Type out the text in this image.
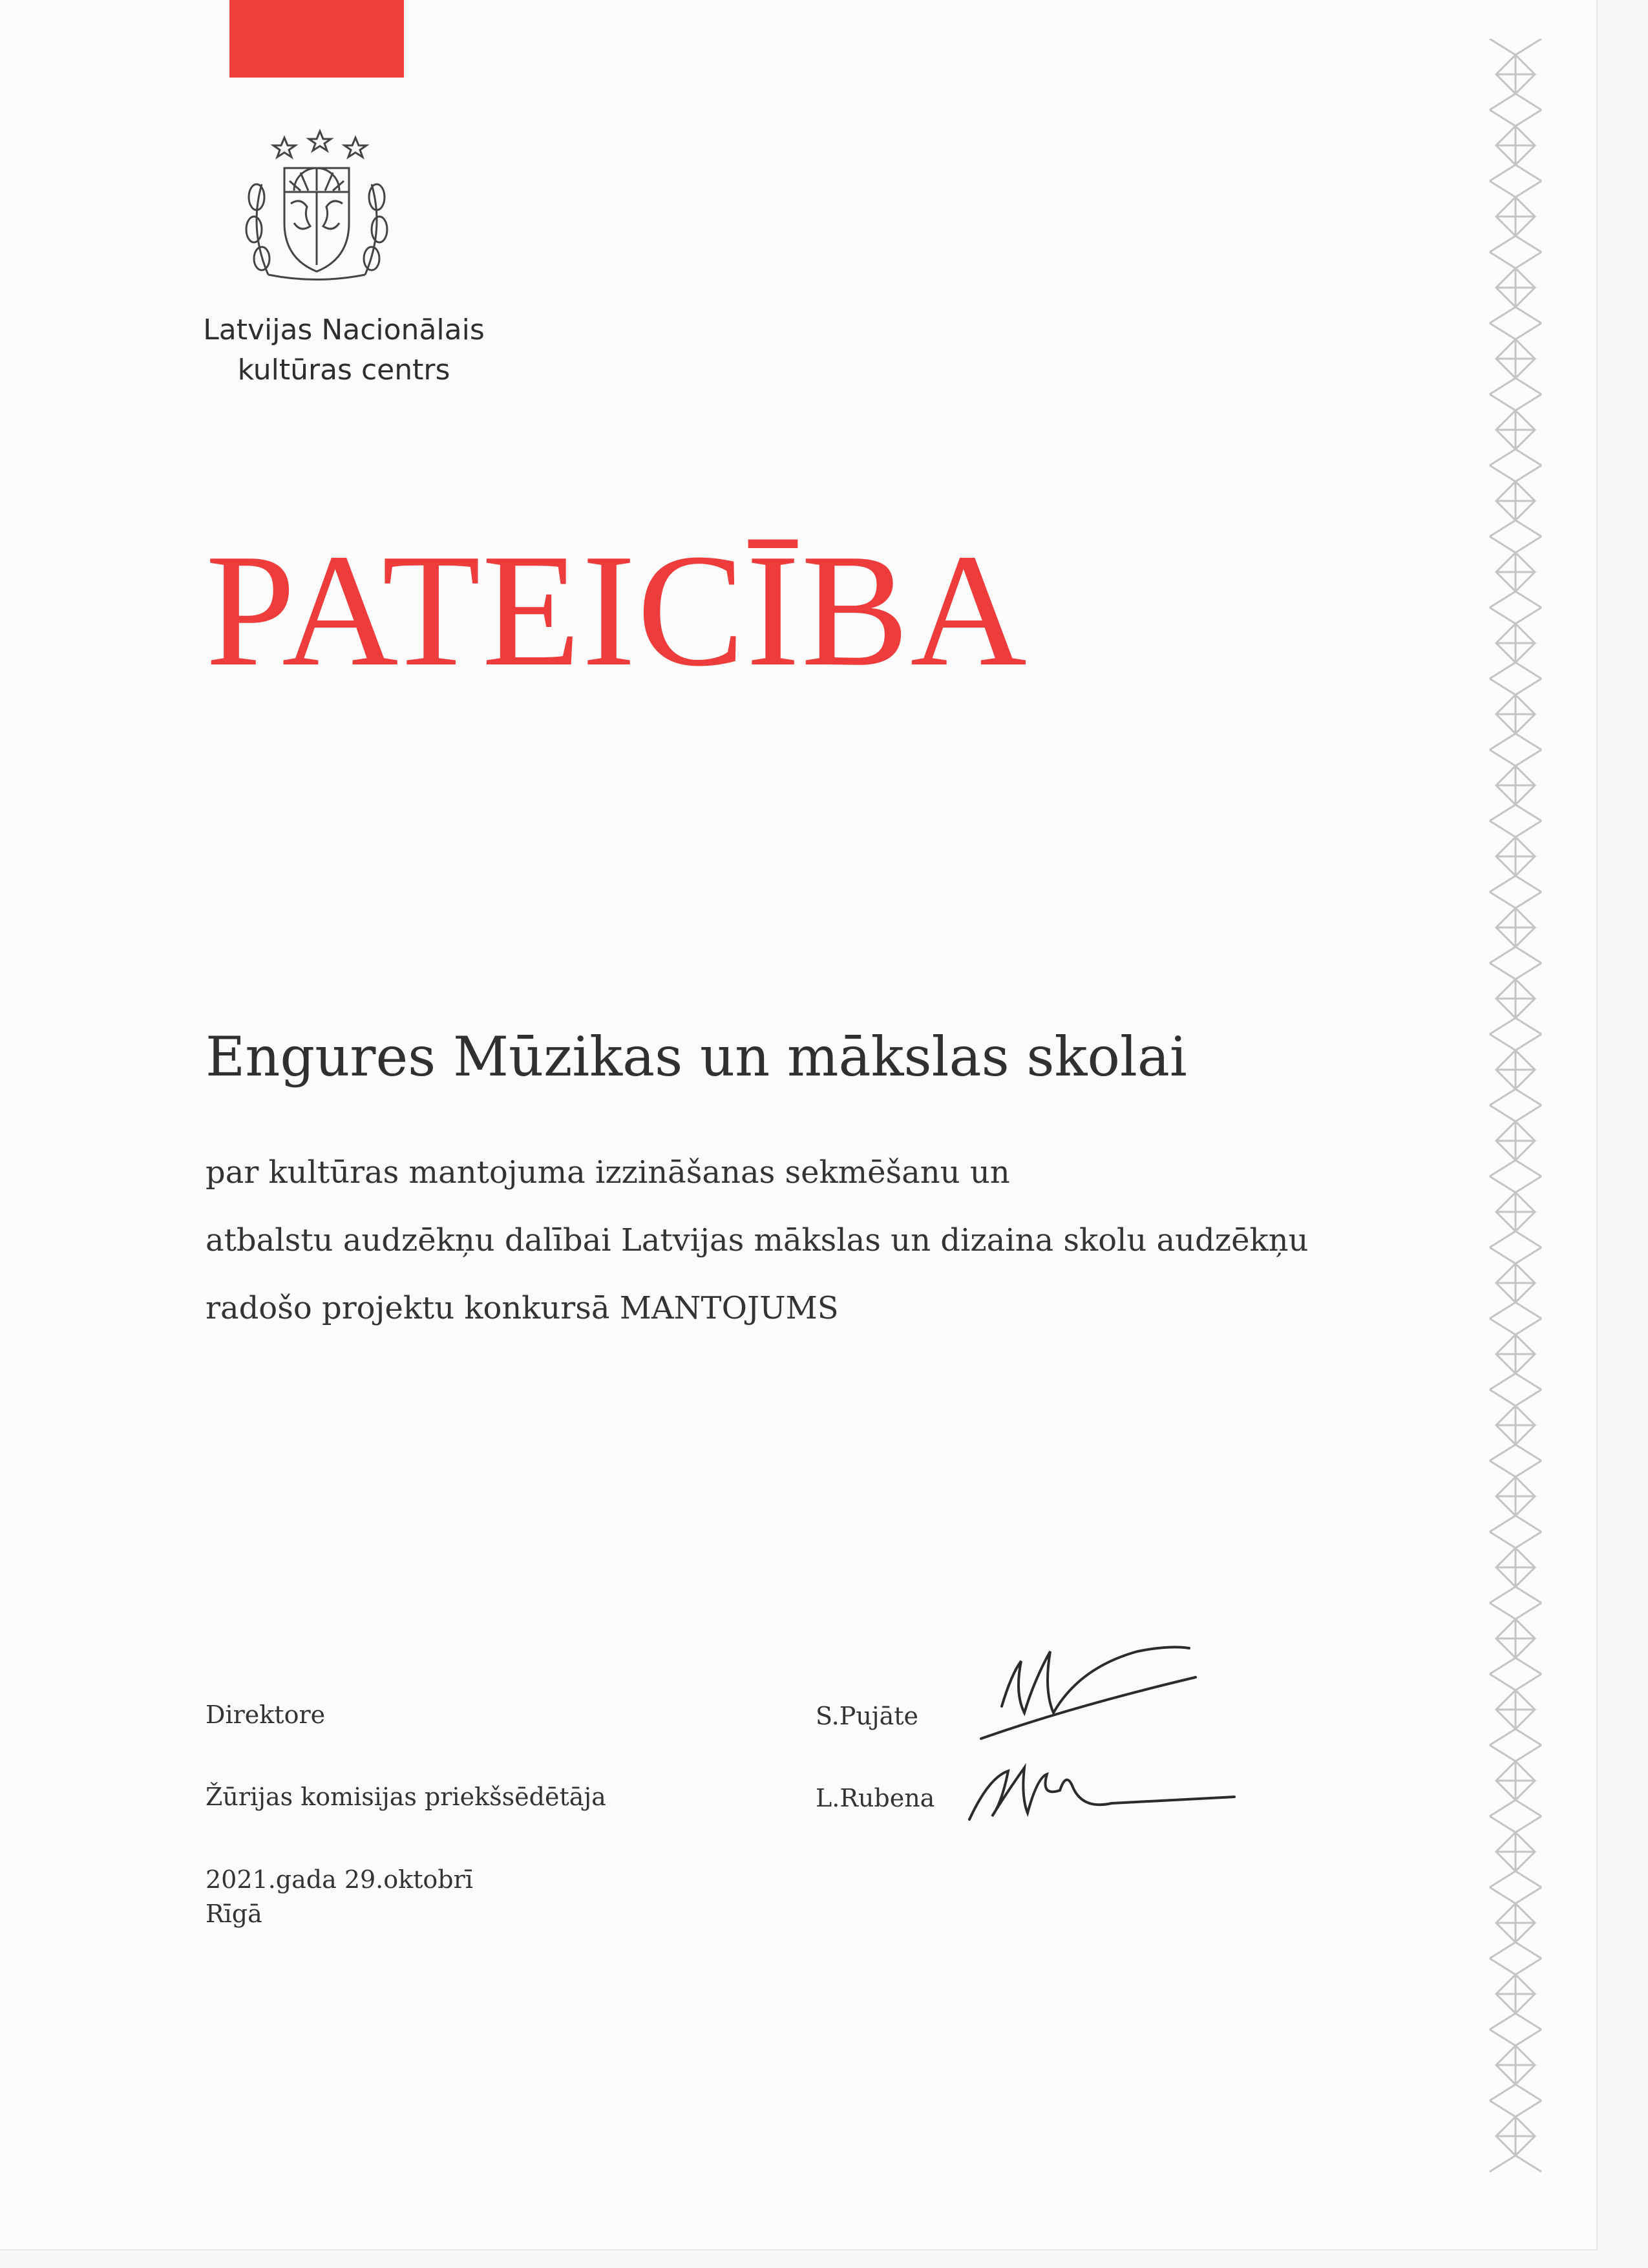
Latvijas Nacionālais
kultūras centrs
PATEICĪBA
Engures Mūzikas un mākslas skolai
par kultūras mantojuma izzināšanas sekmēšanu un
atbalstu audzēkņu dalībai Latvijas mākslas un dizaina skolu audzēkņu
radošo projektu konkursā MANTOJUMS
Direktore	S.Pujāte
Žūrijas komisijas priekšsēdētāja	L.Rubena
2021.gada 29.oktobrī
Rīgā
